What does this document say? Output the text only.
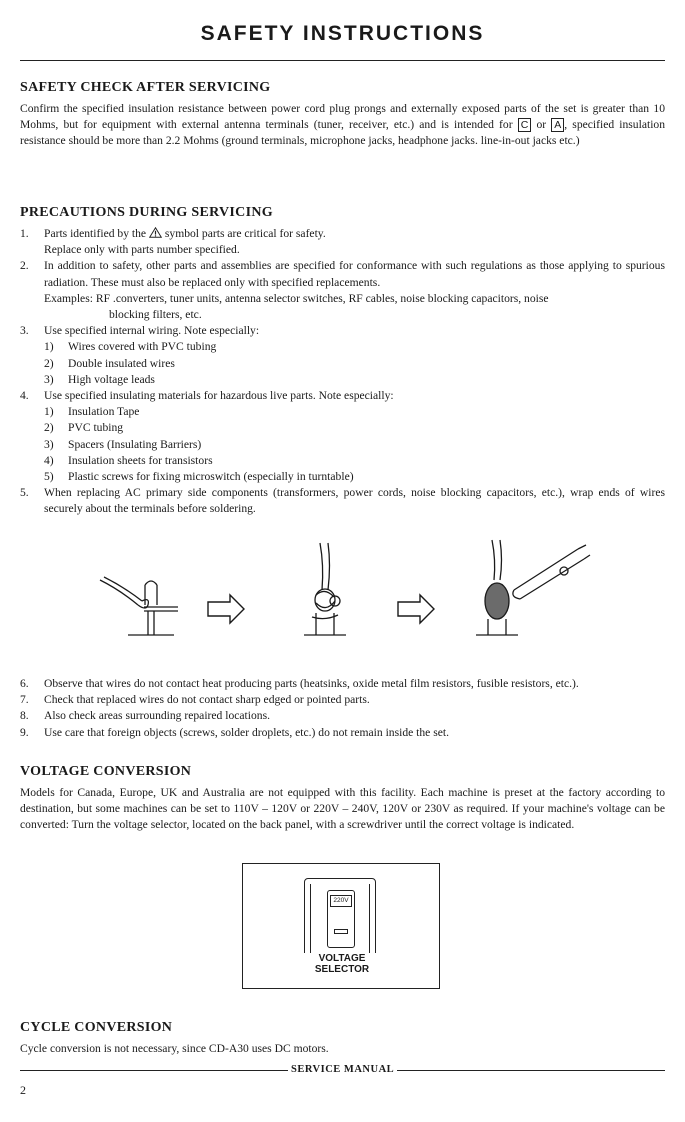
SAFETY INSTRUCTIONS
SAFETY CHECK AFTER SERVICING
Confirm the specified insulation resistance between power cord plug prongs and externally exposed parts of the set is greater than 10 Mohms, but for equipment with external antenna terminals (tuner, receiver, etc.) and is intended for C or A , specified insulation resistance should be more than 2.2 Mohms (ground terminals, microphone jacks, headphone jacks. line-in-out jacks etc.)
PRECAUTIONS DURING SERVICING
1. Parts identified by the symbol parts are critical for safety.
Replace only with parts number specified.
2. In addition to safety, other parts and assemblies are specified for conformance with such regulations as those applying to spurious radiation. These must also be replaced only with specified replacements.
Examples: RF .converters, tuner units, antenna selector switches, RF cables, noise blocking capacitors, noise
blocking filters, etc.
3. Use specified internal wiring. Note especially:
1) Wires covered with PVC tubing
2) Double insulated wires
3) High voltage leads
4. Use specified insulating materials for hazardous live parts. Note especially:
1) Insulation Tape
2) PVC tubing
3) Spacers (Insulating Barriers)
4) Insulation sheets for transistors
5) Plastic screws for fixing microswitch (especially in turntable)
5. When replacing AC primary side components (transformers, power cords, noise blocking capacitors, etc.), wrap ends of wires securely about the terminals before soldering.
6. Observe that wires do not contact heat producing parts (heatsinks, oxide metal film resistors, fusible resistors, etc.).
7. Check that replaced wires do not contact sharp edged or pointed parts.
8. Also check areas surrounding repaired locations.
9. Use care that foreign objects (screws, solder droplets, etc.) do not remain inside the set.
VOLTAGE CONVERSION
Models for Canada, Europe, UK and Australia are not equipped with this facility. Each machine is preset at the factory according to destination, but some machines can be set to 110V – 120V or 220V – 240V, 120V or 230V as required. If your machine's voltage can be converted: Turn the voltage selector, located on the back panel, with a screwdriver until the correct voltage is indicated.
220V
VOLTAGE
SELECTOR
CYCLE CONVERSION
Cycle conversion is not necessary, since CD-A30 uses DC motors.
SERVICE MANUAL
2
